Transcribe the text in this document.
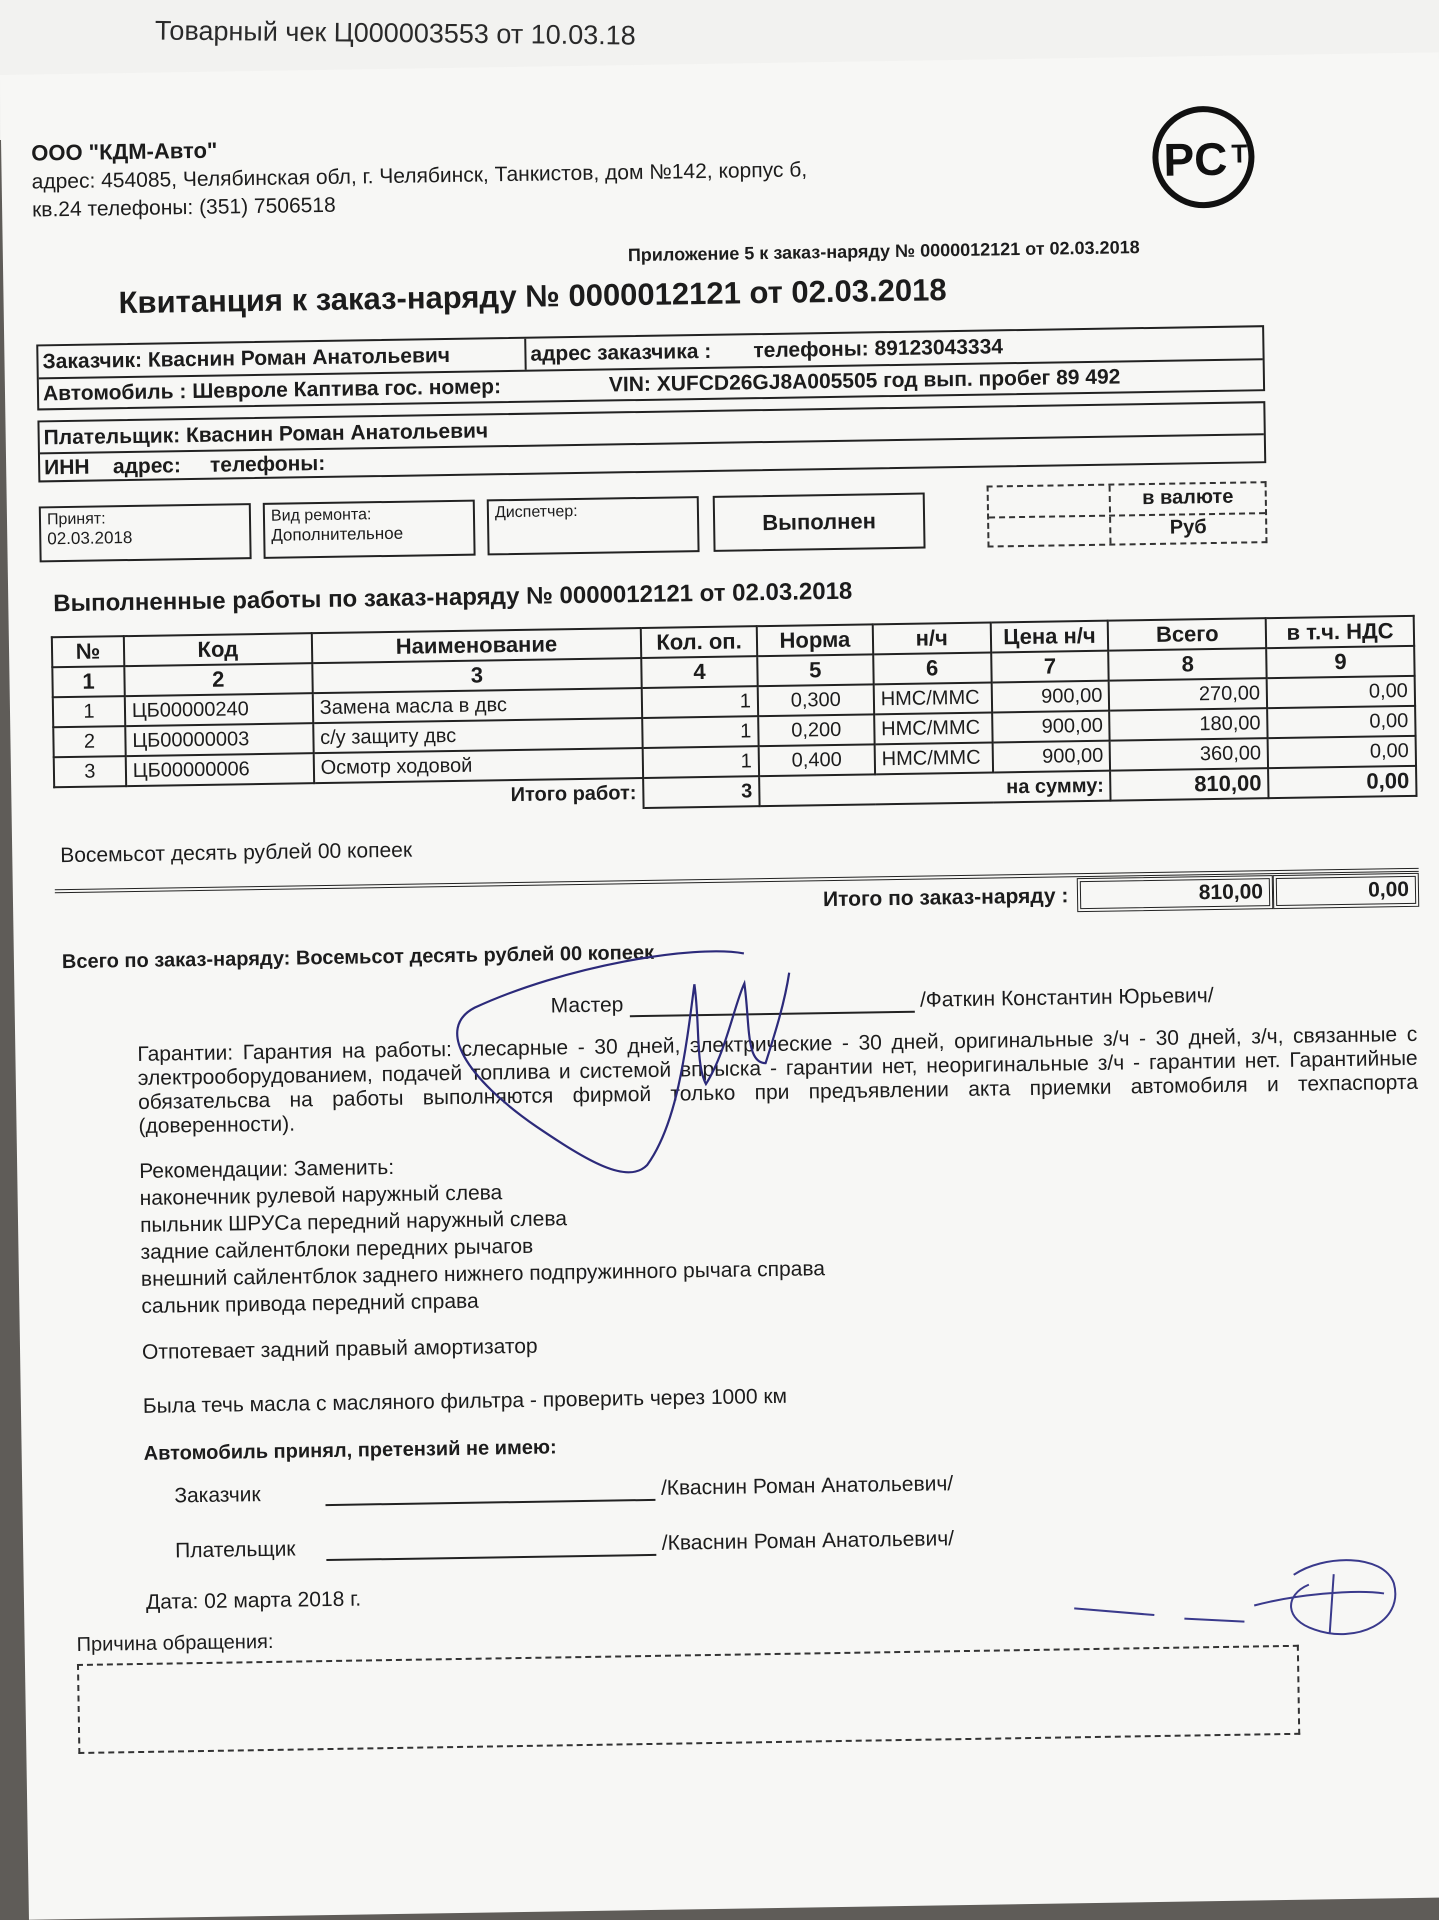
Товарный чек Ц000003553 от 10.03.18
ООО "КДМ-Авто"
адрес: 454085, Челябинская обл, г. Челябинск, Танкистов, дом №142, корпус б,
кв.24 телефоны: (351) 7506518
PC T
Приложение 5 к заказ-наряду № 0000012121 от 02.03.2018
Квитанция к заказ-наряду № 0000012121 от 02.03.2018
Заказчик: Кваснин Роман Анатольевич	адрес заказчика : телефоны: 89123043334
Автомобиль : Шевроле Каптива гос. номер:	VIN: XUFCD26GJ8A005505 год вып. пробег 89 492
Плательщик: Кваснин Роман Анатольевич
ИНН    адрес:     телефоны:
Принят:
02.03.2018
Вид ремонта:
Дополнительное
Диспетчер:	Выполнен
в валюте
Руб
Выполненные работы по заказ-наряду № 0000012121 от 02.03.2018
№	Код	Наименование	Кол. оп.	Норма	н/ч	Цена н/ч	Всего	в т.ч. НДС
1	2	3	4	5	6	7	8	9
1	ЦБ00000240	Замена масла в двс	1	0,300	НМС/ММС	900,00	270,00	0,00
2	ЦБ00000003	с/у защиту двс	1	0,200	НМС/ММС	900,00	180,00	0,00
3	ЦБ00000006	Осмотр ходовой	1	0,400	НМС/ММС	900,00	360,00	0,00
Итого работ:			3	на сумму:			810,00	0,00
Восемьсот десять рублей 00 копеек
Итого по заказ-наряду :	810,00	0,00
Всего по заказ-наряду: Восемьсот десять рублей 00 копеек
Мастер	/Фаткин Константин Юрьевич/
Гарантии: Гарантия на работы: слесарные - 30 дней, электрические - 30 дней, оригинальные з/ч - 30 дней, з/ч, связанные с электрооборудованием, подачей топлива и системой впрыска - гарантии нет, неоригинальные з/ч - гарантии нет. Гарантийные обязательсва на работы выполняются фирмой только при предъявлении акта приемки автомобиля и техпаспорта (доверенности).
Рекомендации: Заменить:
наконечник рулевой наружный слева
пыльник ШРУСа передний наружный слева
задние сайлентблоки передних рычагов
внешний сайлентблок заднего нижнего подпружинного рычага справа
сальник привода передний справа
Отпотевает задний правый амортизатор
Была течь масла с масляного фильтра - проверить через 1000 км
Автомобиль принял, претензий не имею:
Заказчик	/Кваснин Роман Анатольевич/
Плательщик	/Кваснин Роман Анатольевич/
Дата: 02 марта 2018 г.
Причина обращения:
